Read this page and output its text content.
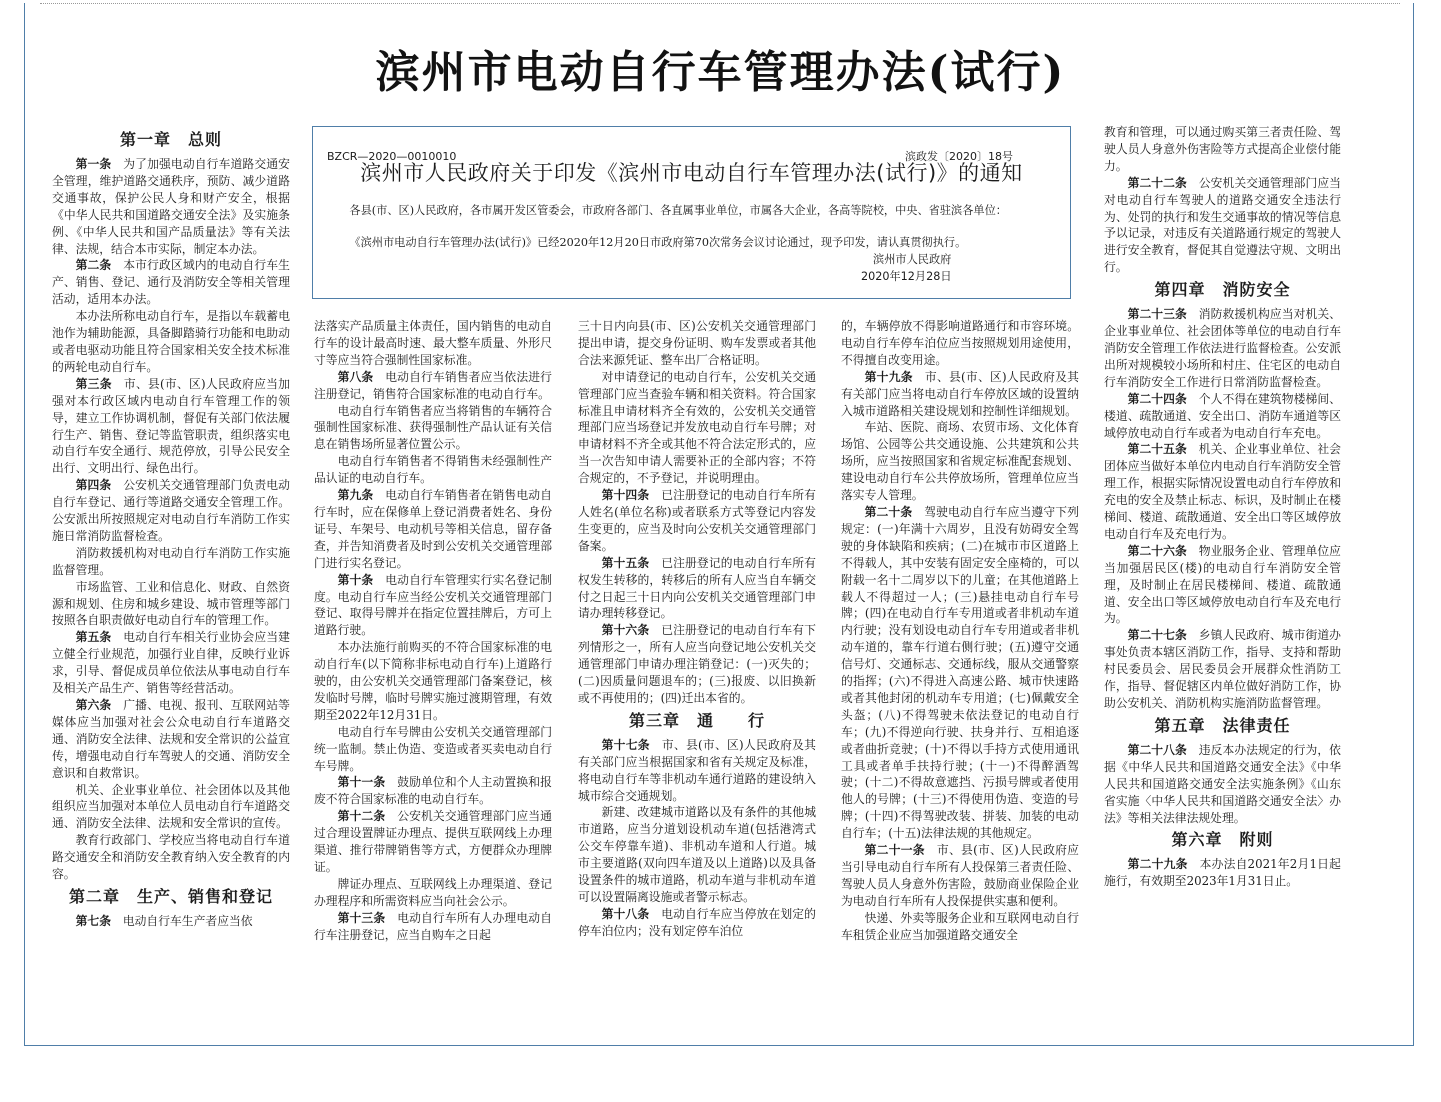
滨州市电动自行车管理办法(试行)
BZCR—2020—0010010	滨政发〔2020〕18号
滨州市人民政府关于印发《滨州市电动自行车管理办法(试行)》的通知
各县(市、区)人民政府，各市属开发区管委会，市政府各部门、各直属事业单位，市属各大企业，各高等院校，中央、省驻滨各单位：
《滨州市电动自行车管理办法(试行)》已经2020年12月20日市政府第70次常务会议讨论通过，现予印发，请认真贯彻执行。
滨州市人民政府
2020年12月28日
第一章　总则

第一条　 为了加强电动自行车道路交通安全管理，维护道路交通秩序，预防、减少道路交通事故，保护公民人身和财产安全，根据《中华人民共和国道路交通安全法》及实施条例、《中华人民共和国产品质量法》等有关法律、法规，结合本市实际，制定本办法。

第二条　 本市行政区域内的电动自行车生产、销售、登记、通行及消防安全等相关管理活动，适用本办法。

本办法所称电动自行车，是指以车载蓄电池作为辅助能源，具备脚踏骑行功能和电助动或者电驱动功能且符合国家相关安全技术标准的两轮电动自行车。

第三条　 市、县(市、区)人民政府应当加强对本行政区域内电动自行车管理工作的领导，建立工作协调机制，督促有关部门依法履行生产、销售、登记等监管职责，组织落实电动自行车安全通行、规范停放，引导公民安全出行、文明出行、绿色出行。

第四条　 公安机关交通管理部门负责电动自行车登记、通行等道路交通安全管理工作。公安派出所按照规定对电动自行车消防工作实施日常消防监督检查。

消防救援机构对电动自行车消防工作实施监督管理。

市场监管、工业和信息化、财政、自然资源和规划、住房和城乡建设、城市管理等部门按照各自职责做好电动自行车的管理工作。

第五条　 电动自行车相关行业协会应当建立健全行业规范，加强行业自律，反映行业诉求，引导、督促成员单位依法从事电动自行车及相关产品生产、销售等经营活动。

第六条　 广播、电视、报刊、互联网站等媒体应当加强对社会公众电动自行车道路交通、消防安全法律、法规和安全常识的公益宣传，增强电动自行车驾驶人的交通、消防安全意识和自救常识。

机关、企业事业单位、社会团体以及其他组织应当加强对本单位人员电动自行车道路交通、消防安全法律、法规和安全常识的宣传。

教育行政部门、学校应当将电动自行车道路交通安全和消防安全教育纳入安全教育的内容。

第二章　生产、销售和登记

第七条　 电动自行车生产者应当依

法落实产品质量主体责任，国内销售的电动自行车的设计最高时速、最大整车质量、外形尺寸等应当符合强制性国家标准。

第八条　 电动自行车销售者应当依法进行注册登记，销售符合国家标准的电动自行车。

电动自行车销售者应当将销售的车辆符合强制性国家标准、获得强制性产品认证有关信息在销售场所显著位置公示。

电动自行车销售者不得销售未经强制性产品认证的电动自行车。

第九条　 电动自行车销售者在销售电动自行车时，应在保修单上登记消费者姓名、身份证号、车架号、电动机号等相关信息，留存备查，并告知消费者及时到公安机关交通管理部门进行实名登记。

第十条　 电动自行车管理实行实名登记制度。电动自行车应当经公安机关交通管理部门登记、取得号牌并在指定位置挂牌后，方可上道路行驶。

本办法施行前购买的不符合国家标准的电动自行车(以下简称非标电动自行车)上道路行驶的，由公安机关交通管理部门备案登记，核发临时号牌，临时号牌实施过渡期管理，有效期至2022年12月31日。

电动自行车号牌由公安机关交通管理部门统一监制。禁止伪造、变造或者买卖电动自行车号牌。

第十一条　 鼓励单位和个人主动置换和报废不符合国家标准的电动自行车。

第十二条　 公安机关交通管理部门应当通过合理设置牌证办理点、提供互联网线上办理渠道、推行带牌销售等方式，方便群众办理牌证。

牌证办理点、互联网线上办理渠道、登记办理程序和所需资料应当向社会公示。

第十三条　 电动自行车所有人办理电动自行车注册登记，应当自购车之日起

三十日内向县(市、区)公安机关交通管理部门提出申请，提交身份证明、购车发票或者其他合法来源凭证、整车出厂合格证明。

对申请登记的电动自行车，公安机关交通管理部门应当查验车辆和相关资料。符合国家标准且申请材料齐全有效的，公安机关交通管理部门应当场登记并发放电动自行车号牌；对申请材料不齐全或其他不符合法定形式的，应当一次告知申请人需要补正的全部内容；不符合规定的，不予登记，并说明理由。

第十四条　 已注册登记的电动自行车所有人姓名(单位名称)或者联系方式等登记内容发生变更的，应当及时向公安机关交通管理部门备案。

第十五条　 已注册登记的电动自行车所有权发生转移的，转移后的所有人应当自车辆交付之日起三十日内向公安机关交通管理部门申请办理转移登记。

第十六条　 已注册登记的电动自行车有下列情形之一，所有人应当向登记地公安机关交通管理部门申请办理注销登记：(一)灭失的；(二)因质量问题退车的；(三)报废、以旧换新或不再使用的；(四)迁出本省的。

第三章　通　　行

第十七条　 市、县(市、区)人民政府及其有关部门应当根据国家和省有关规定及标准，将电动自行车等非机动车通行道路的建设纳入城市综合交通规划。

新建、改建城市道路以及有条件的其他城市道路，应当分道划设机动车道(包括港湾式公交车停靠车道)、非机动车道和人行道。城市主要道路(双向四车道及以上道路)以及具备设置条件的城市道路，机动车道与非机动车道可以设置隔离设施或者警示标志。

第十八条　 电动自行车应当停放在划定的停车泊位内；没有划定停车泊位

的，车辆停放不得影响道路通行和市容环境。电动自行车停车泊位应当按照规划用途使用，不得擅自改变用途。

第十九条　 市、县(市、区)人民政府及其有关部门应当将电动自行车停放区域的设置纳入城市道路相关建设规划和控制性详细规划。

车站、医院、商场、农贸市场、文化体育场馆、公园等公共交通设施、公共建筑和公共场所，应当按照国家和省规定标准配套规划、建设电动自行车公共停放场所，管理单位应当落实专人管理。

第二十条　 驾驶电动自行车应当遵守下列规定：(一)年满十六周岁，且没有妨碍安全驾驶的身体缺陷和疾病；(二)在城市市区道路上不得载人，其中安装有固定安全座椅的，可以附载一名十二周岁以下的儿童；在其他道路上载人不得超过一人；(三)悬挂电动自行车号牌；(四)在电动自行车专用道或者非机动车道内行驶；没有划设电动自行车专用道或者非机动车道的，靠车行道右侧行驶；(五)遵守交通信号灯、交通标志、交通标线，服从交通警察的指挥；(六)不得进入高速公路、城市快速路或者其他封闭的机动车专用道；(七)佩戴安全头盔；(八)不得驾驶未依法登记的电动自行车；(九)不得逆向行驶、扶身并行、互相追逐或者曲折竞驶；(十)不得以手持方式使用通讯工具或者单手扶持行驶；(十一)不得醉酒驾驶；(十二)不得故意遮挡、污损号牌或者使用他人的号牌；(十三)不得使用伪造、变造的号牌；(十四)不得驾驶改装、拼装、加装的电动自行车；(十五)法律法规的其他规定。

第二十一条　 市、县(市、区)人民政府应当引导电动自行车所有人投保第三者责任险、驾驶人员人身意外伤害险，鼓励商业保险企业为电动自行车所有人投保提供实惠和便利。

快递、外卖等服务企业和互联网电动自行车租赁企业应当加强道路交通安全

教育和管理，可以通过购买第三者责任险、驾驶人员人身意外伤害险等方式提高企业偿付能力。

第二十二条　 公安机关交通管理部门应当对电动自行车驾驶人的道路交通安全违法行为、处罚的执行和发生交通事故的情况等信息予以记录，对违反有关道路通行规定的驾驶人进行安全教育，督促其自觉遵法守规、文明出行。

第四章　消防安全

第二十三条　 消防救援机构应当对机关、企业事业单位、社会团体等单位的电动自行车消防安全管理工作依法进行监督检查。公安派出所对规模较小场所和村庄、住宅区的电动自行车消防安全工作进行日常消防监督检查。

第二十四条　 个人不得在建筑物楼梯间、楼道、疏散通道、安全出口、消防车通道等区域停放电动自行车或者为电动自行车充电。

第二十五条　 机关、企业事业单位、社会团体应当做好本单位内电动自行车消防安全管理工作，根据实际情况设置电动自行车停放和充电的安全及禁止标志、标识，及时制止在楼梯间、楼道、疏散通道、安全出口等区域停放电动自行车及充电行为。

第二十六条　 物业服务企业、管理单位应当加强居民区(楼)的电动自行车消防安全管理，及时制止在居民楼梯间、楼道、疏散通道、安全出口等区域停放电动自行车及充电行为。

第二十七条　 乡镇人民政府、城市街道办事处负责本辖区消防工作，指导、支持和帮助村民委员会、居民委员会开展群众性消防工作，指导、督促辖区内单位做好消防工作，协助公安机关、消防机构实施消防监督管理。

第五章　法律责任

第二十八条　 违反本办法规定的行为，依据《中华人民共和国道路交通安全法》《中华人民共和国道路交通安全法实施条例》《山东省实施〈中华人民共和国道路交通安全法〉办法》等相关法律法规处理。

第六章　附则

第二十九条　 本办法自2021年2月1日起施行，有效期至2023年1月31日止。
